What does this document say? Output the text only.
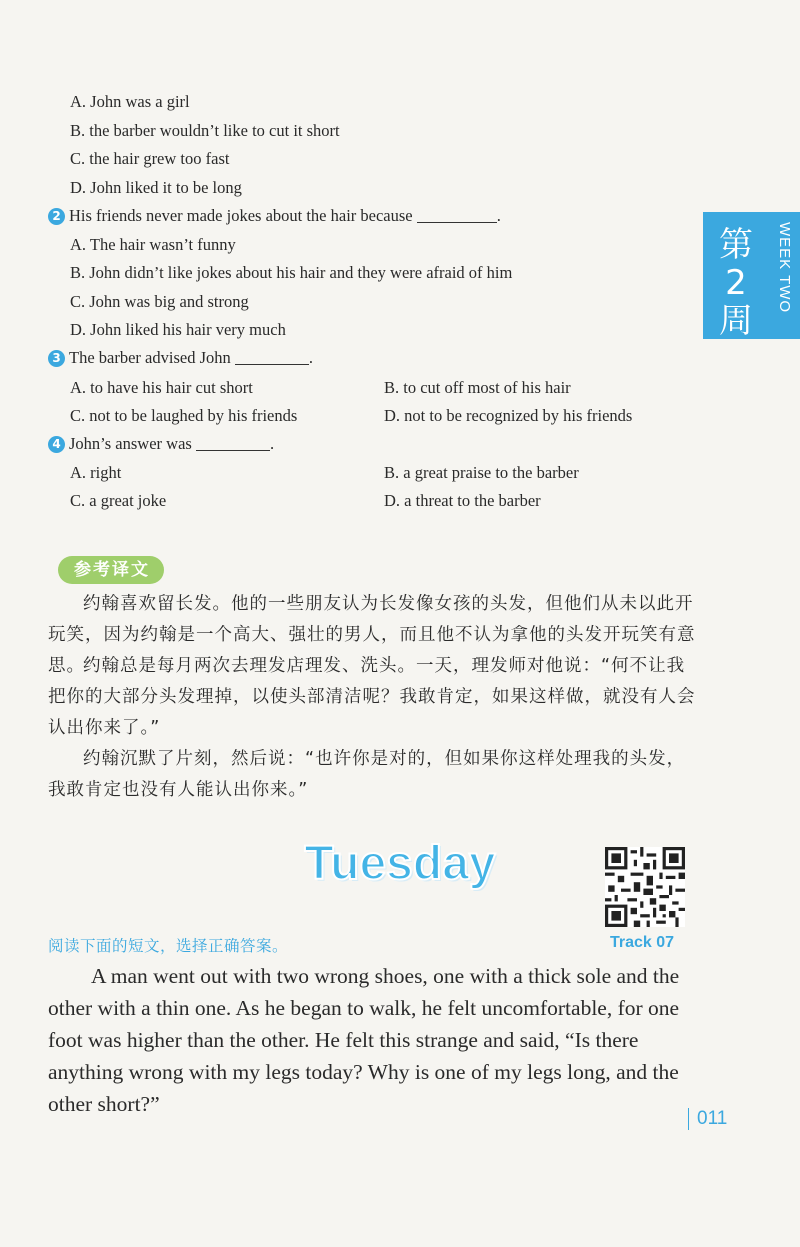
第
2
周
WEEK TWO
A. John was a girl
B. the barber wouldn’t like to cut it short
C. the hair grew too fast
D. John liked it to be long
2 His friends never made jokes about the hair because	.
A. The hair wasn’t funny
B. John didn’t like jokes about his hair and they were afraid of him
C. John was big and strong
D. John liked his hair very much
3 The barber advised John	.
A. to have his hair cut short	B. to cut off most of his hair
C. not to be laughed by his friends	D. not to be recognized by his friends
4 John’s answer was	.
A. right	B. a great praise to the barber
C. a great joke	D. a threat to the barber
参考译文
约翰喜欢留长发。他的一些朋友认为长发像女孩的头发，但他们从未以此开玩笑，因为约翰是一个高大、强壮的男人，而且他不认为拿他的头发开玩笑有意思。
约翰总是每月两次去理发店理发、洗头。一天，理发师对他说：“何不让我把你的大部分头发理掉，以使头部清洁呢？我敢肯定，如果这样做，就没有人会认出你来了。”
约翰沉默了片刻，然后说：“也许你是对的，但如果你这样处理我的头发，我敢肯定也没有人能认出你来。”
Tuesday
阅读下面的短文，选择正确答案。	Track 07
A man went out with two wrong shoes, one with a thick sole and the other with a thin one. As he began to walk, he felt uncomfortable, for one foot was higher than the other. He felt this strange and said, “Is there anything wrong with my legs today? Why is one of my legs long, and the other short?”
011
